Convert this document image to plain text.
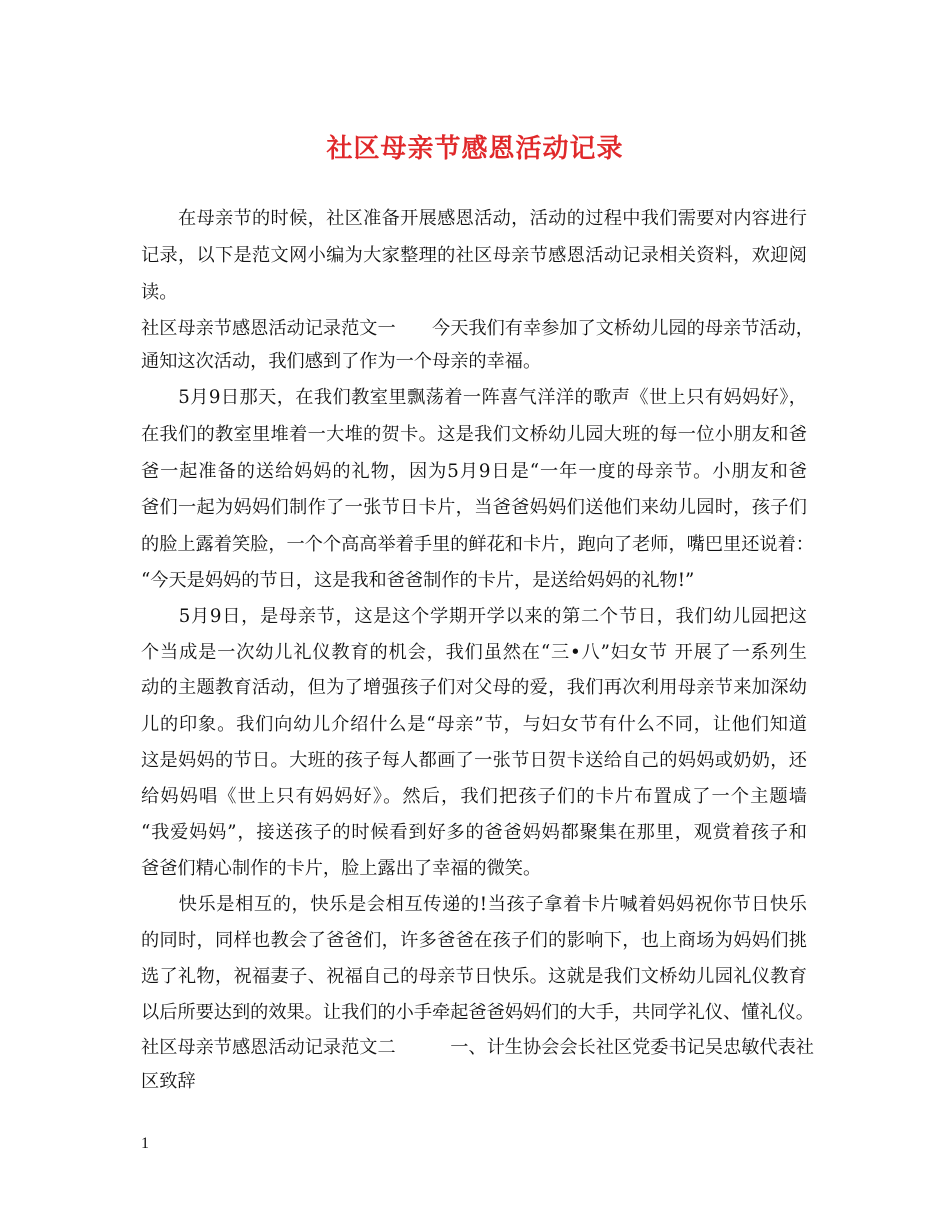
社区母亲节感恩活动记录
　　在母亲节的时候，社区准备开展感恩活动，活动的过程中我们需要对内容进行
记录，以下是范文网小编为大家整理的社区母亲节感恩活动记录相关资料，欢迎阅
读。
社区母亲节感恩活动记录范文一　　今天我们有幸参加了文桥幼儿园的母亲节活动，
通知这次活动，我们感到了作为一个母亲的幸福。
　　5月9日那天，在我们教室里飘荡着一阵喜气洋洋的歌声《世上只有妈妈好》，
在我们的教室里堆着一大堆的贺卡。这是我们文桥幼儿园大班的每一位小朋友和爸
爸一起准备的送给妈妈的礼物，因为5月9日是“一年一度的母亲节。小朋友和爸
爸们一起为妈妈们制作了一张节日卡片，当爸爸妈妈们送他们来幼儿园时，孩子们
的脸上露着笑脸，一个个高高举着手里的鲜花和卡片，跑向了老师，嘴巴里还说着：
“今天是妈妈的节日，这是我和爸爸制作的卡片，是送给妈妈的礼物!”
　　5月9日，是母亲节，这是这个学期开学以来的第二个节日，我们幼儿园把这
个当成是一次幼儿礼仪教育的机会，我们虽然在“三•八”妇女节 开展了一系列生
动的主题教育活动，但为了增强孩子们对父母的爱，我们再次利用母亲节来加深幼
儿的印象。我们向幼儿介绍什么是“母亲”节，与妇女节有什么不同，让他们知道
这是妈妈的节日。大班的孩子每人都画了一张节日贺卡送给自己的妈妈或奶奶，还
给妈妈唱《世上只有妈妈好》。然后，我们把孩子们的卡片布置成了一个主题墙
“我爱妈妈”，接送孩子的时候看到好多的爸爸妈妈都聚集在那里，观赏着孩子和
爸爸们精心制作的卡片，脸上露出了幸福的微笑。
　　快乐是相互的，快乐是会相互传递的!当孩子拿着卡片喊着妈妈祝你节日快乐
的同时，同样也教会了爸爸们，许多爸爸在孩子们的影响下，也上商场为妈妈们挑
选了礼物，祝福妻子、祝福自己的母亲节日快乐。这就是我们文桥幼儿园礼仪教育
以后所要达到的效果。让我们的小手牵起爸爸妈妈们的大手，共同学礼仪、懂礼仪。
社区母亲节感恩活动记录范文二　　　一、计生协会会长社区党委书记吴忠敏代表社
区致辞
1
